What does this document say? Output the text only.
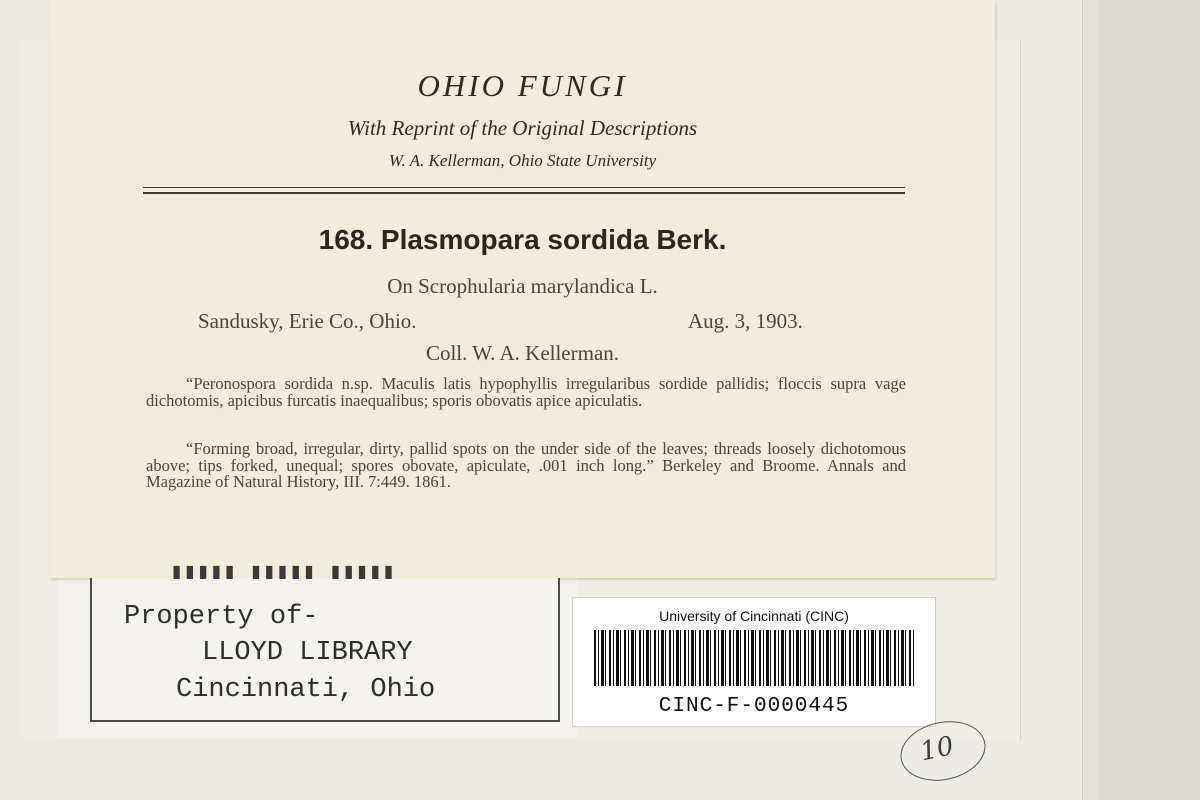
OHIO FUNGI
With Reprint of the Original Descriptions
W. A. Kellerman, Ohio State University
168. Plasmopara sordida Berk.
On Scrophularia marylandica L.
Sandusky, Erie Co., Ohio.	Aug. 3, 1903.
Coll. W. A. Kellerman.

“Peronospora sordida n.sp. Maculis latis hypophyllis irregularibus sordide pallidis; floccis supra vage dichotomis, apicibus furcatis inaequalibus; sporis obovatis apice apiculatis.

“Forming broad, irregular, dirty, pallid spots on the under side of the leaves; threads loosely dichotomous above; tips forked, unequal; spores obovate, apiculate, .001 inch long.” Berkeley and Broome. Annals and Magazine of Natural History, III. 7:449. 1861.

▮▮▮▮▮ ▮▮▮▮▮ ▮▮▮▮▮
Property of-
LLOYD LIBRARY
Cincinnati, Ohio
University of Cincinnati (CINC)
CINC-F-0000445
10
